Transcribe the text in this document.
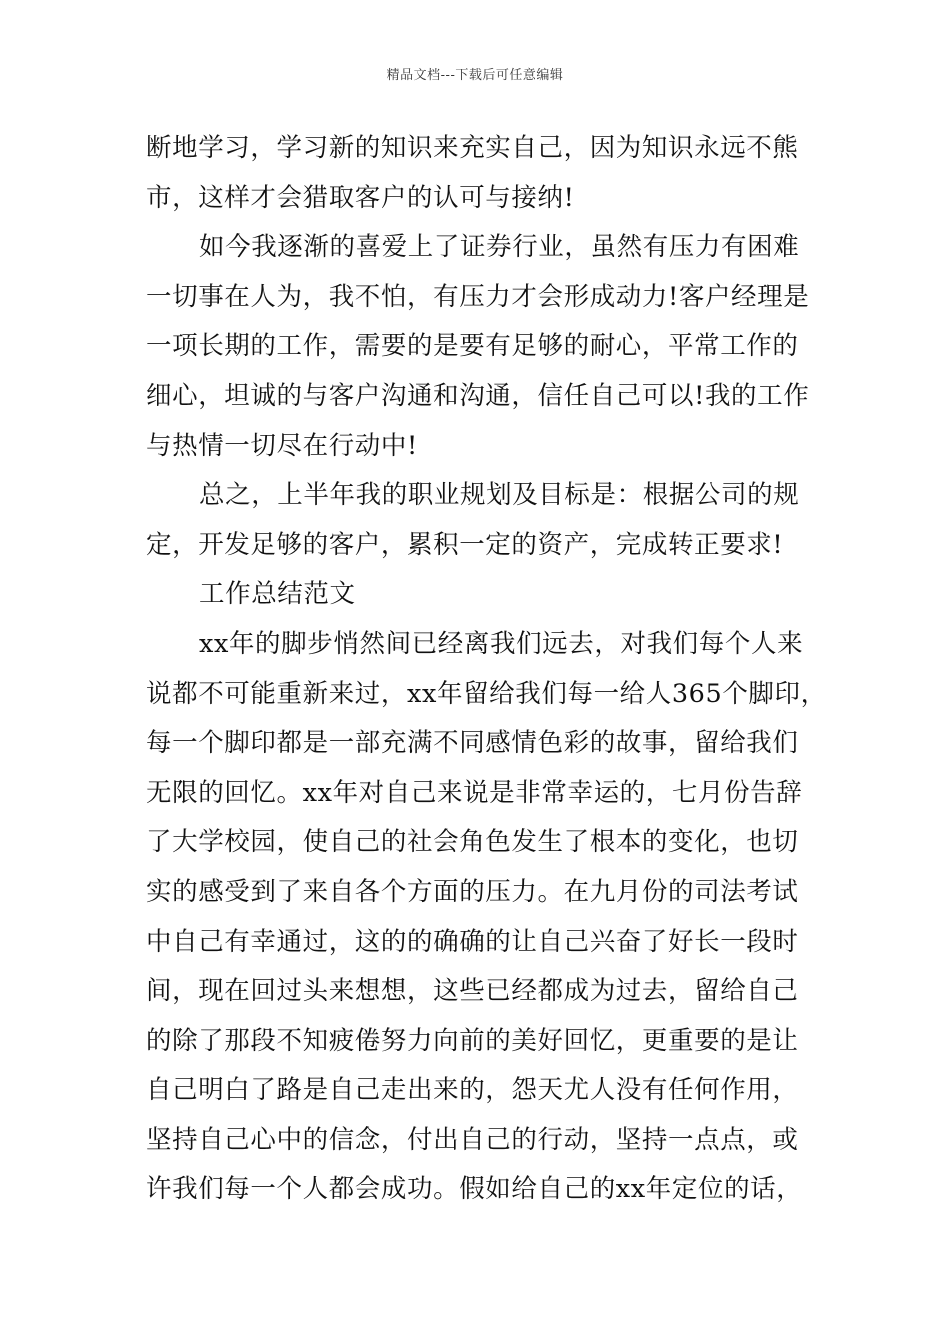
精品文档---下载后可任意编辑
断地学习，学习新的知识来充实自己，因为知识永远不熊
市，这样才会猎取客户的认可与接纳!
如今我逐渐的喜爱上了证券行业，虽然有压力有困难
一切事在人为，我不怕，有压力才会形成动力!客户经理是
一项长期的工作，需要的是要有足够的耐心，平常工作的
细心，坦诚的与客户沟通和沟通，信任自己可以!我的工作
与热情一切尽在行动中!
总之，上半年我的职业规划及目标是：根据公司的规
定，开发足够的客户，累积一定的资产，完成转正要求!
工作总结范文
xx年的脚步悄然间已经离我们远去，对我们每个人来
说都不可能重新来过，xx年留给我们每一给人365个脚印，
每一个脚印都是一部充满不同感情色彩的故事，留给我们
无限的回忆。xx年对自己来说是非常幸运的，七月份告辞
了大学校园，使自己的社会角色发生了根本的变化，也切
实的感受到了来自各个方面的压力。在九月份的司法考试
中自己有幸通过，这的的确确的让自己兴奋了好长一段时
间，现在回过头来想想，这些已经都成为过去，留给自己
的除了那段不知疲倦努力向前的美好回忆，更重要的是让
自己明白了路是自己走出来的，怨天尤人没有任何作用，
坚持自己心中的信念，付出自己的行动，坚持一点点，或
许我们每一个人都会成功。假如给自己的xx年定位的话，
